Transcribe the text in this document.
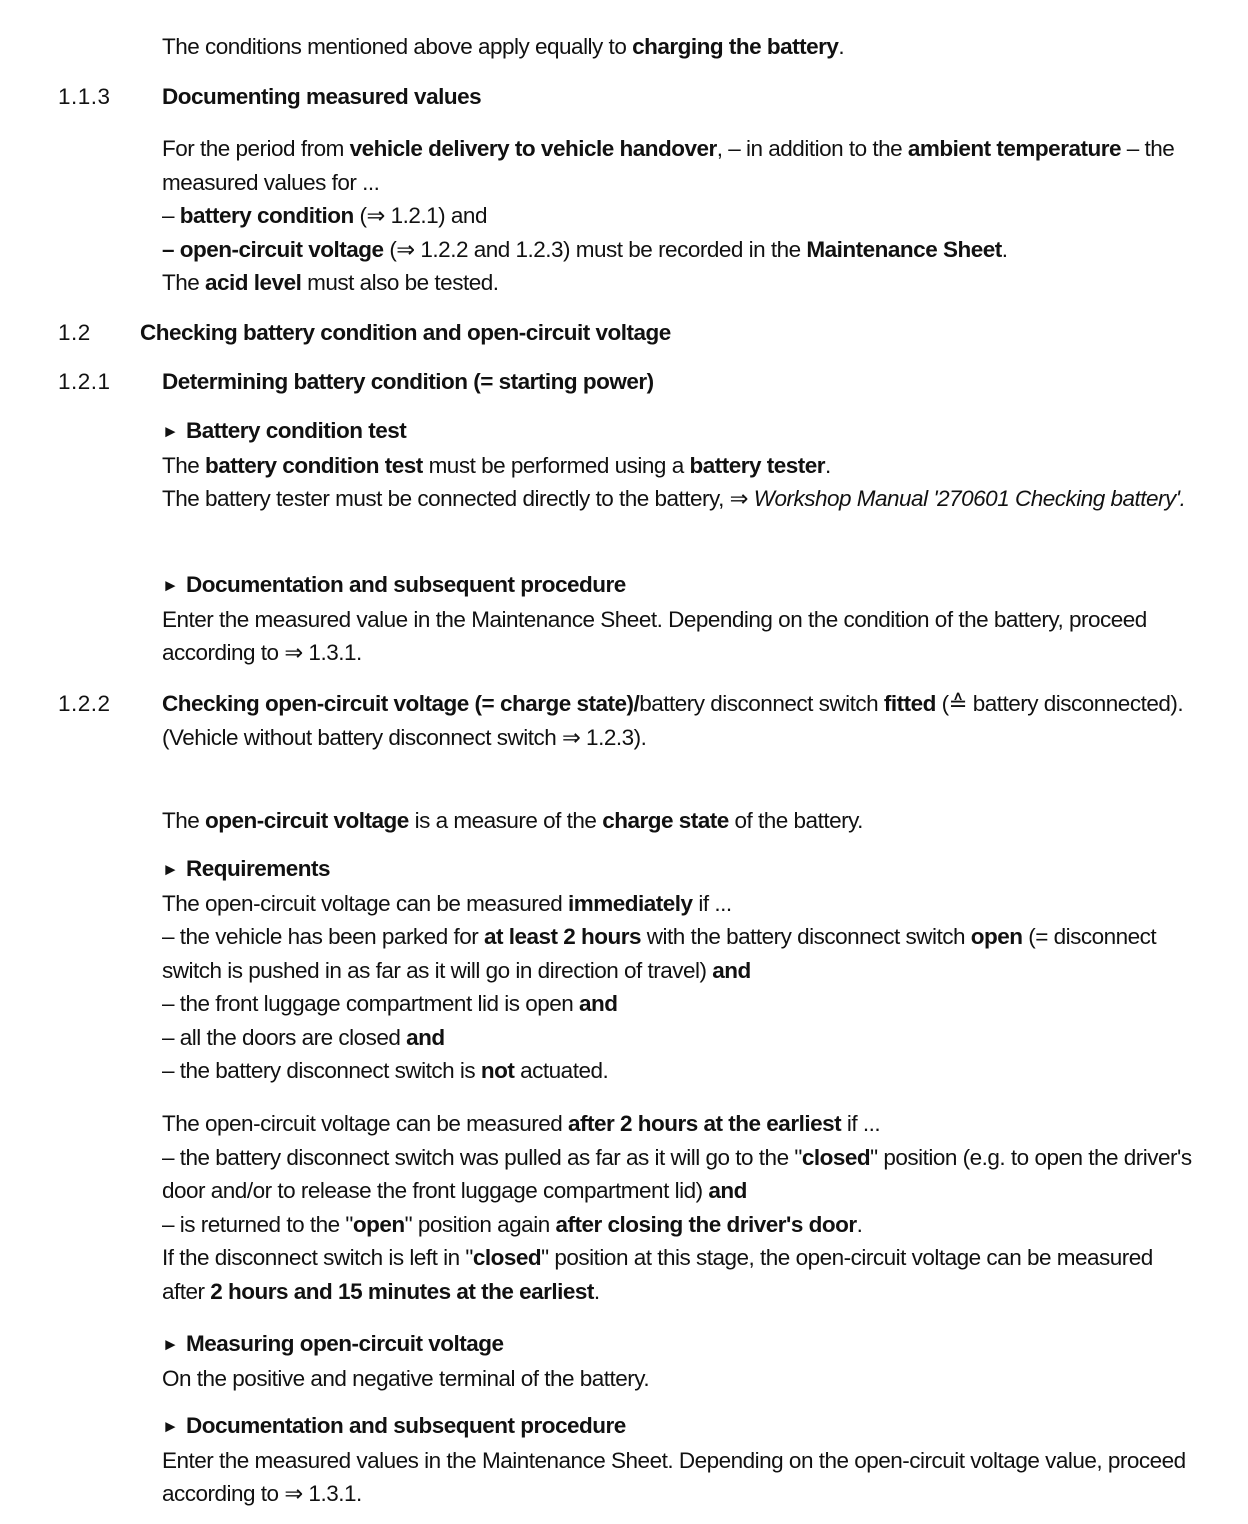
The conditions mentioned above apply equally to charging the battery.

1.1.3 Documenting measured values

For the period from vehicle delivery to vehicle handover, – in addition to the ambient temperature – the measured values for ...

– battery condition (⇒ 1.2.1) and

– open-circuit voltage (⇒ 1.2.2 and 1.2.3) must be recorded in the Maintenance Sheet.

The acid level must also be tested.

1.2 Checking battery condition and open-circuit voltage
1.2.1 Determining battery condition (= starting power)

► Battery condition test

The battery condition test must be performed using a battery tester.

The battery tester must be connected directly to the battery, ⇒ Workshop Manual '270601 Checking battery'.

► Documentation and subsequent procedure

Enter the measured value in the Maintenance Sheet. Depending on the condition of the battery, proceed according to ⇒ 1.3.1.

1.2.2 Checking open-circuit voltage (= charge state)/battery disconnect switch fitted (≙ battery disconnected).

(Vehicle without battery disconnect switch ⇒ 1.2.3).

The open-circuit voltage is a measure of the charge state of the battery.

► Requirements

The open-circuit voltage can be measured immediately if ...

– the vehicle has been parked for at least 2 hours with the battery disconnect switch open (= disconnect switch is pushed in as far as it will go in direction of travel) and

– the front luggage compartment lid is open and

– all the doors are closed and

– the battery disconnect switch is not actuated.

The open-circuit voltage can be measured after 2 hours at the earliest if ...

– the battery disconnect switch was pulled as far as it will go to the "closed" position (e.g. to open the driver's door and/or to release the front luggage compartment lid) and

– is returned to the "open" position again after closing the driver's door.

If the disconnect switch is left in "closed" position at this stage, the open-circuit voltage can be measured after 2 hours and 15 minutes at the earliest.

► Measuring open-circuit voltage

On the positive and negative terminal of the battery.

► Documentation and subsequent procedure

Enter the measured values in the Maintenance Sheet. Depending on the open-circuit voltage value, proceed according to ⇒ 1.3.1.
